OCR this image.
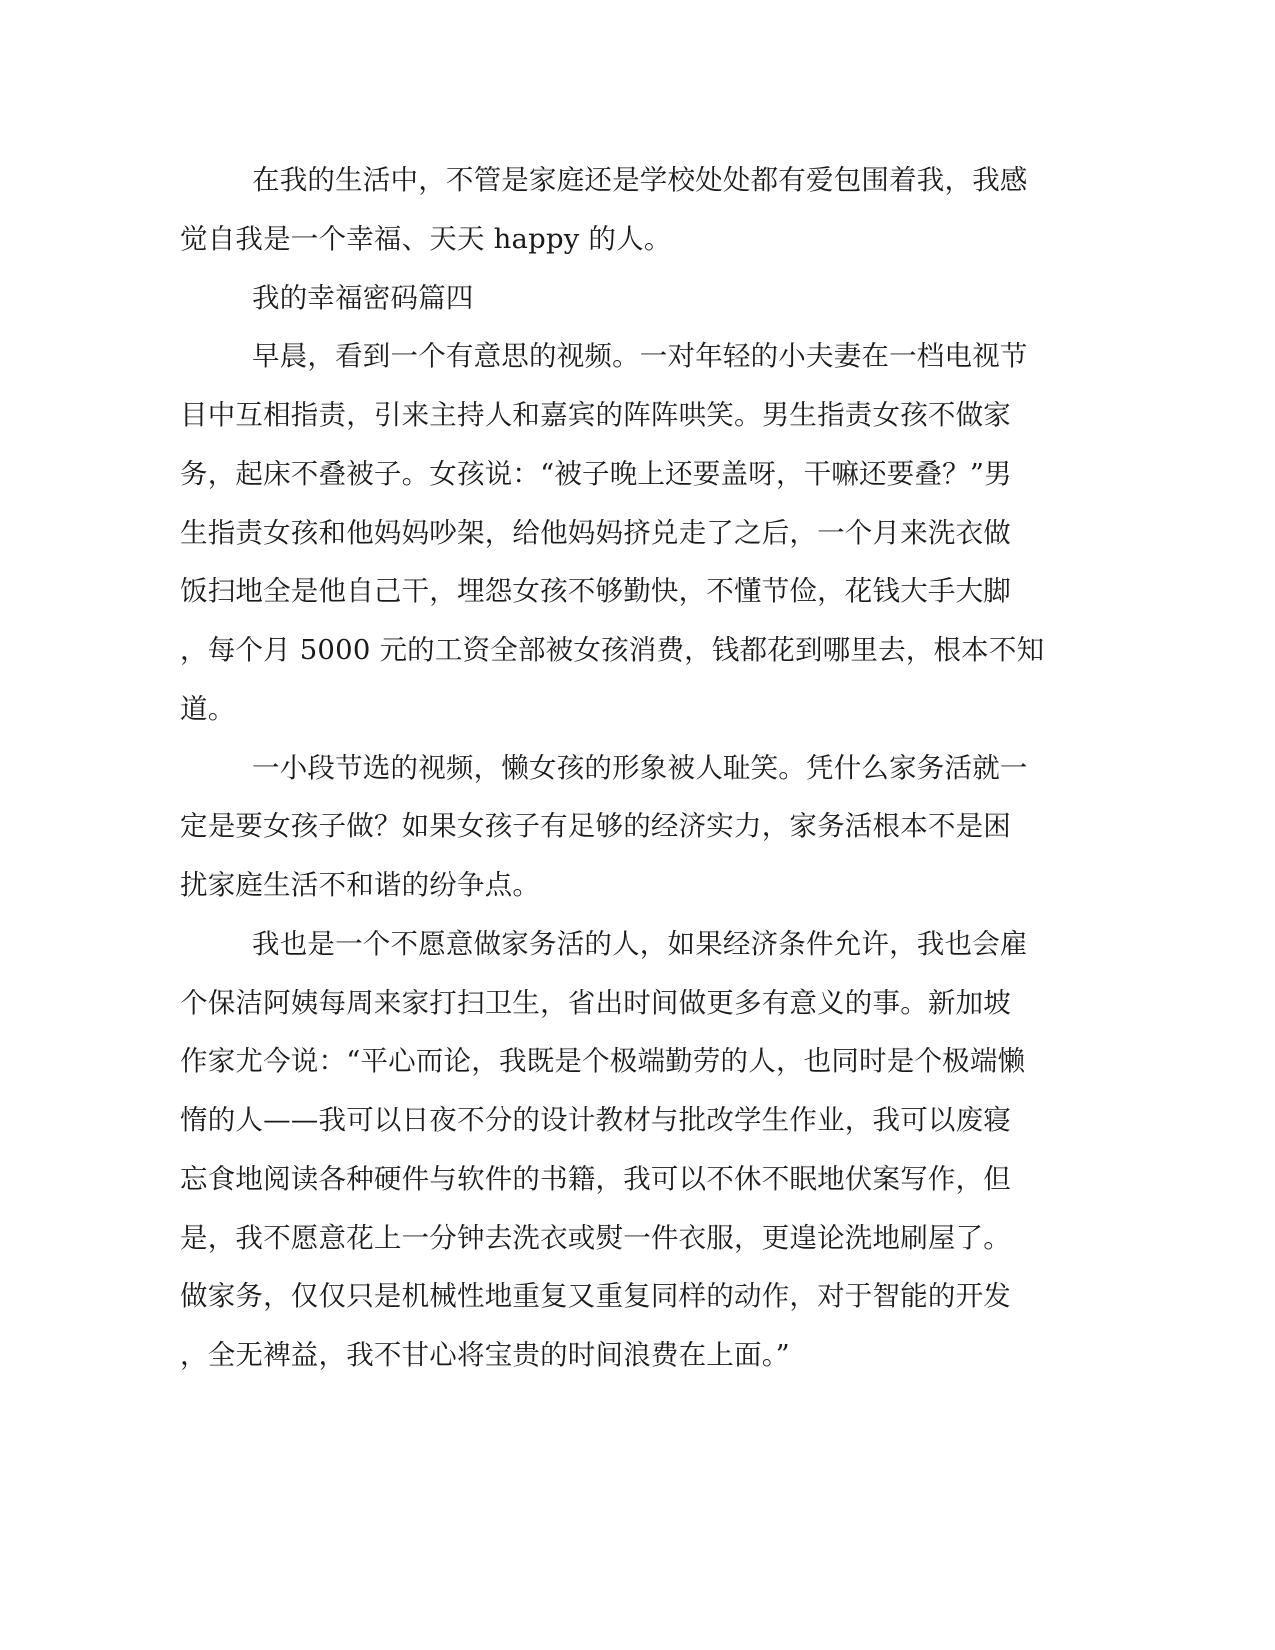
在我的生活中，不管是家庭还是学校处处都有爱包围着我，我感
觉自我是一个幸福、天天 happy 的人。
我的幸福密码篇四
早晨，看到一个有意思的视频。一对年轻的小夫妻在一档电视节
目中互相指责，引来主持人和嘉宾的阵阵哄笑。男生指责女孩不做家
务，起床不叠被子。女孩说：“被子晚上还要盖呀，干嘛还要叠？”男
生指责女孩和他妈妈吵架，给他妈妈挤兑走了之后，一个月来洗衣做
饭扫地全是他自己干，埋怨女孩不够勤快，不懂节俭，花钱大手大脚
，每个月 5000 元的工资全部被女孩消费，钱都花到哪里去，根本不知
道。
一小段节选的视频，懒女孩的形象被人耻笑。凭什么家务活就一
定是要女孩子做？如果女孩子有足够的经济实力，家务活根本不是困
扰家庭生活不和谐的纷争点。
我也是一个不愿意做家务活的人，如果经济条件允许，我也会雇
个保洁阿姨每周来家打扫卫生，省出时间做更多有意义的事。新加坡
作家尤今说：“平心而论，我既是个极端勤劳的人，也同时是个极端懒
惰的人——我可以日夜不分的设计教材与批改学生作业，我可以废寝
忘食地阅读各种硬件与软件的书籍，我可以不休不眠地伏案写作，但
是，我不愿意花上一分钟去洗衣或熨一件衣服，更遑论洗地刷屋了。
做家务，仅仅只是机械性地重复又重复同样的动作，对于智能的开发
，全无裨益，我不甘心将宝贵的时间浪费在上面。”
